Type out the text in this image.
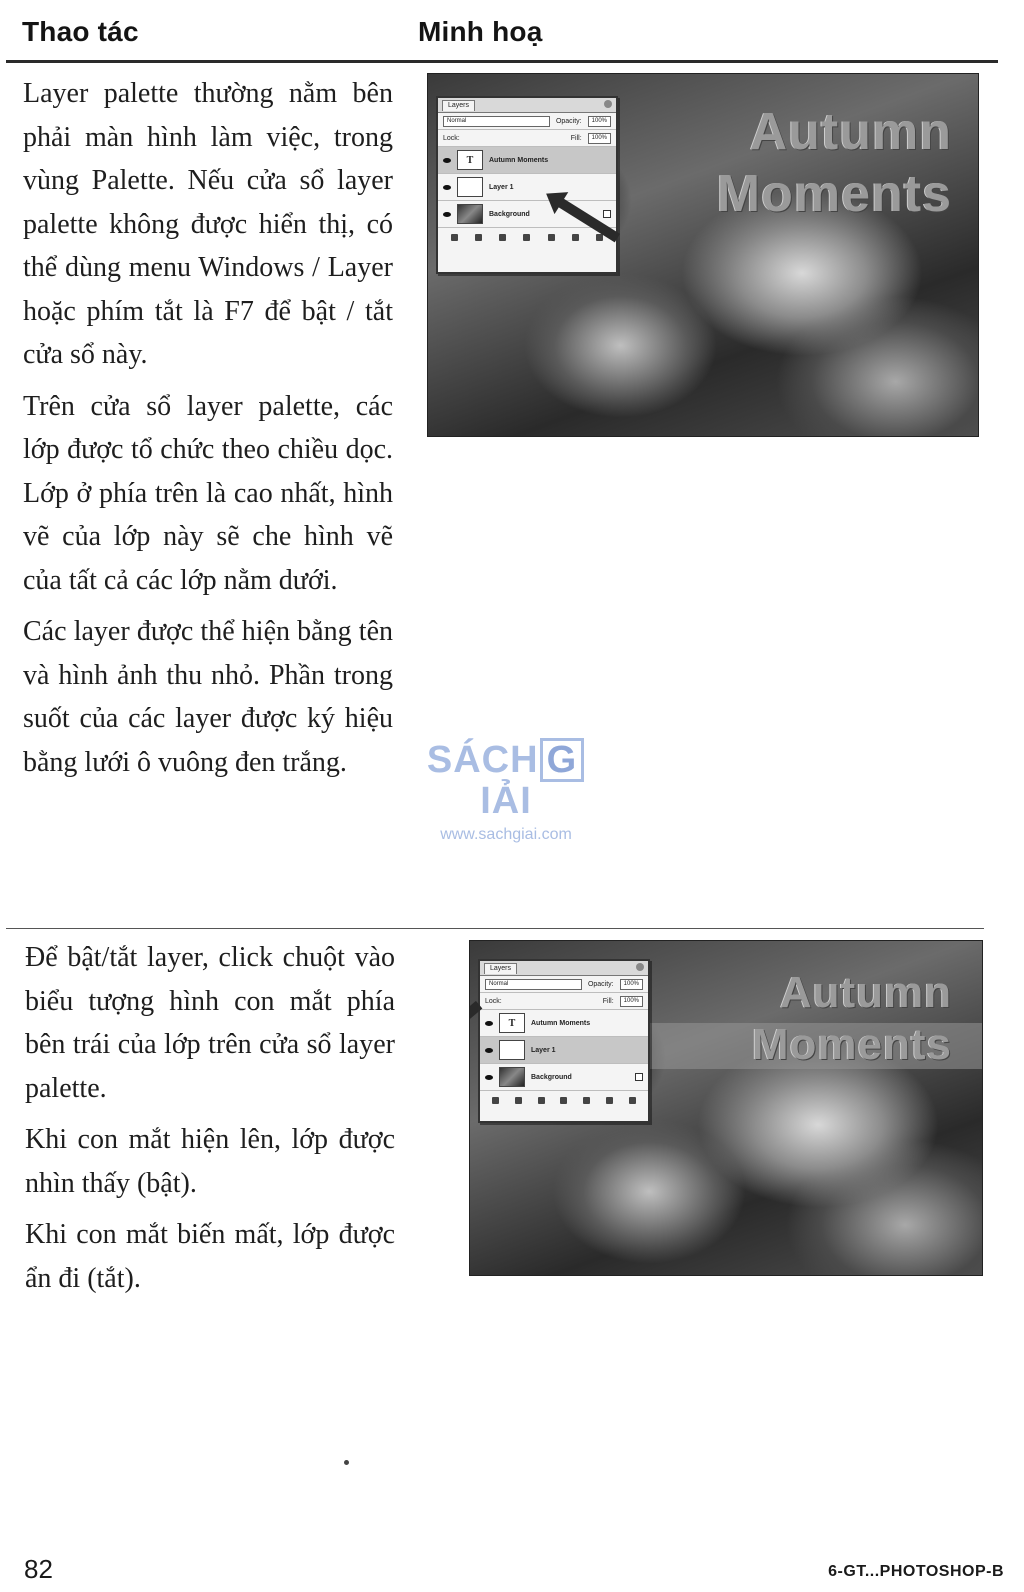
Thao tác	Minh hoạ

Layer palette thường nằm bên phải màn hình làm việc, trong vùng Palette. Nếu cửa sổ layer palette không được hiển thị, có thể dùng menu Windows / Layer hoặc phím tắt là F7 để bật / tắt cửa sổ này.

Trên cửa sổ layer palette, các lớp được tổ chức theo chiều dọc. Lớp ở phía trên là cao nhất, hình vẽ của lớp này sẽ che hình vẽ của tất cả các lớp nằm dưới.

Các layer được thể hiện bằng tên và hình ảnh thu nhỏ. Phần trong suốt của các layer được ký hiệu bằng lưới ô vuông đen trắng.

Autumn
Moments
Layers
Normal	Opacity:	100%
Lock:	Fill:	100%
T	Autumn Moments
Layer 1
Background
SÁCH GIẢI
www.sachgiai.com

Để bật/tắt layer, click chuột vào biểu tượng hình con mắt phía bên trái của lớp trên cửa sổ layer palette.

Khi con mắt hiện lên, lớp được nhìn thấy (bật).

Khi con mắt biến mất, lớp được ẩn đi (tắt).

Autumn
Moments
Layers
Normal	Opacity:	100%
Lock:	Fill:	100%
T	Autumn Moments
Layer 1
Background
82	6-GT...PHOTOSHOP-B
